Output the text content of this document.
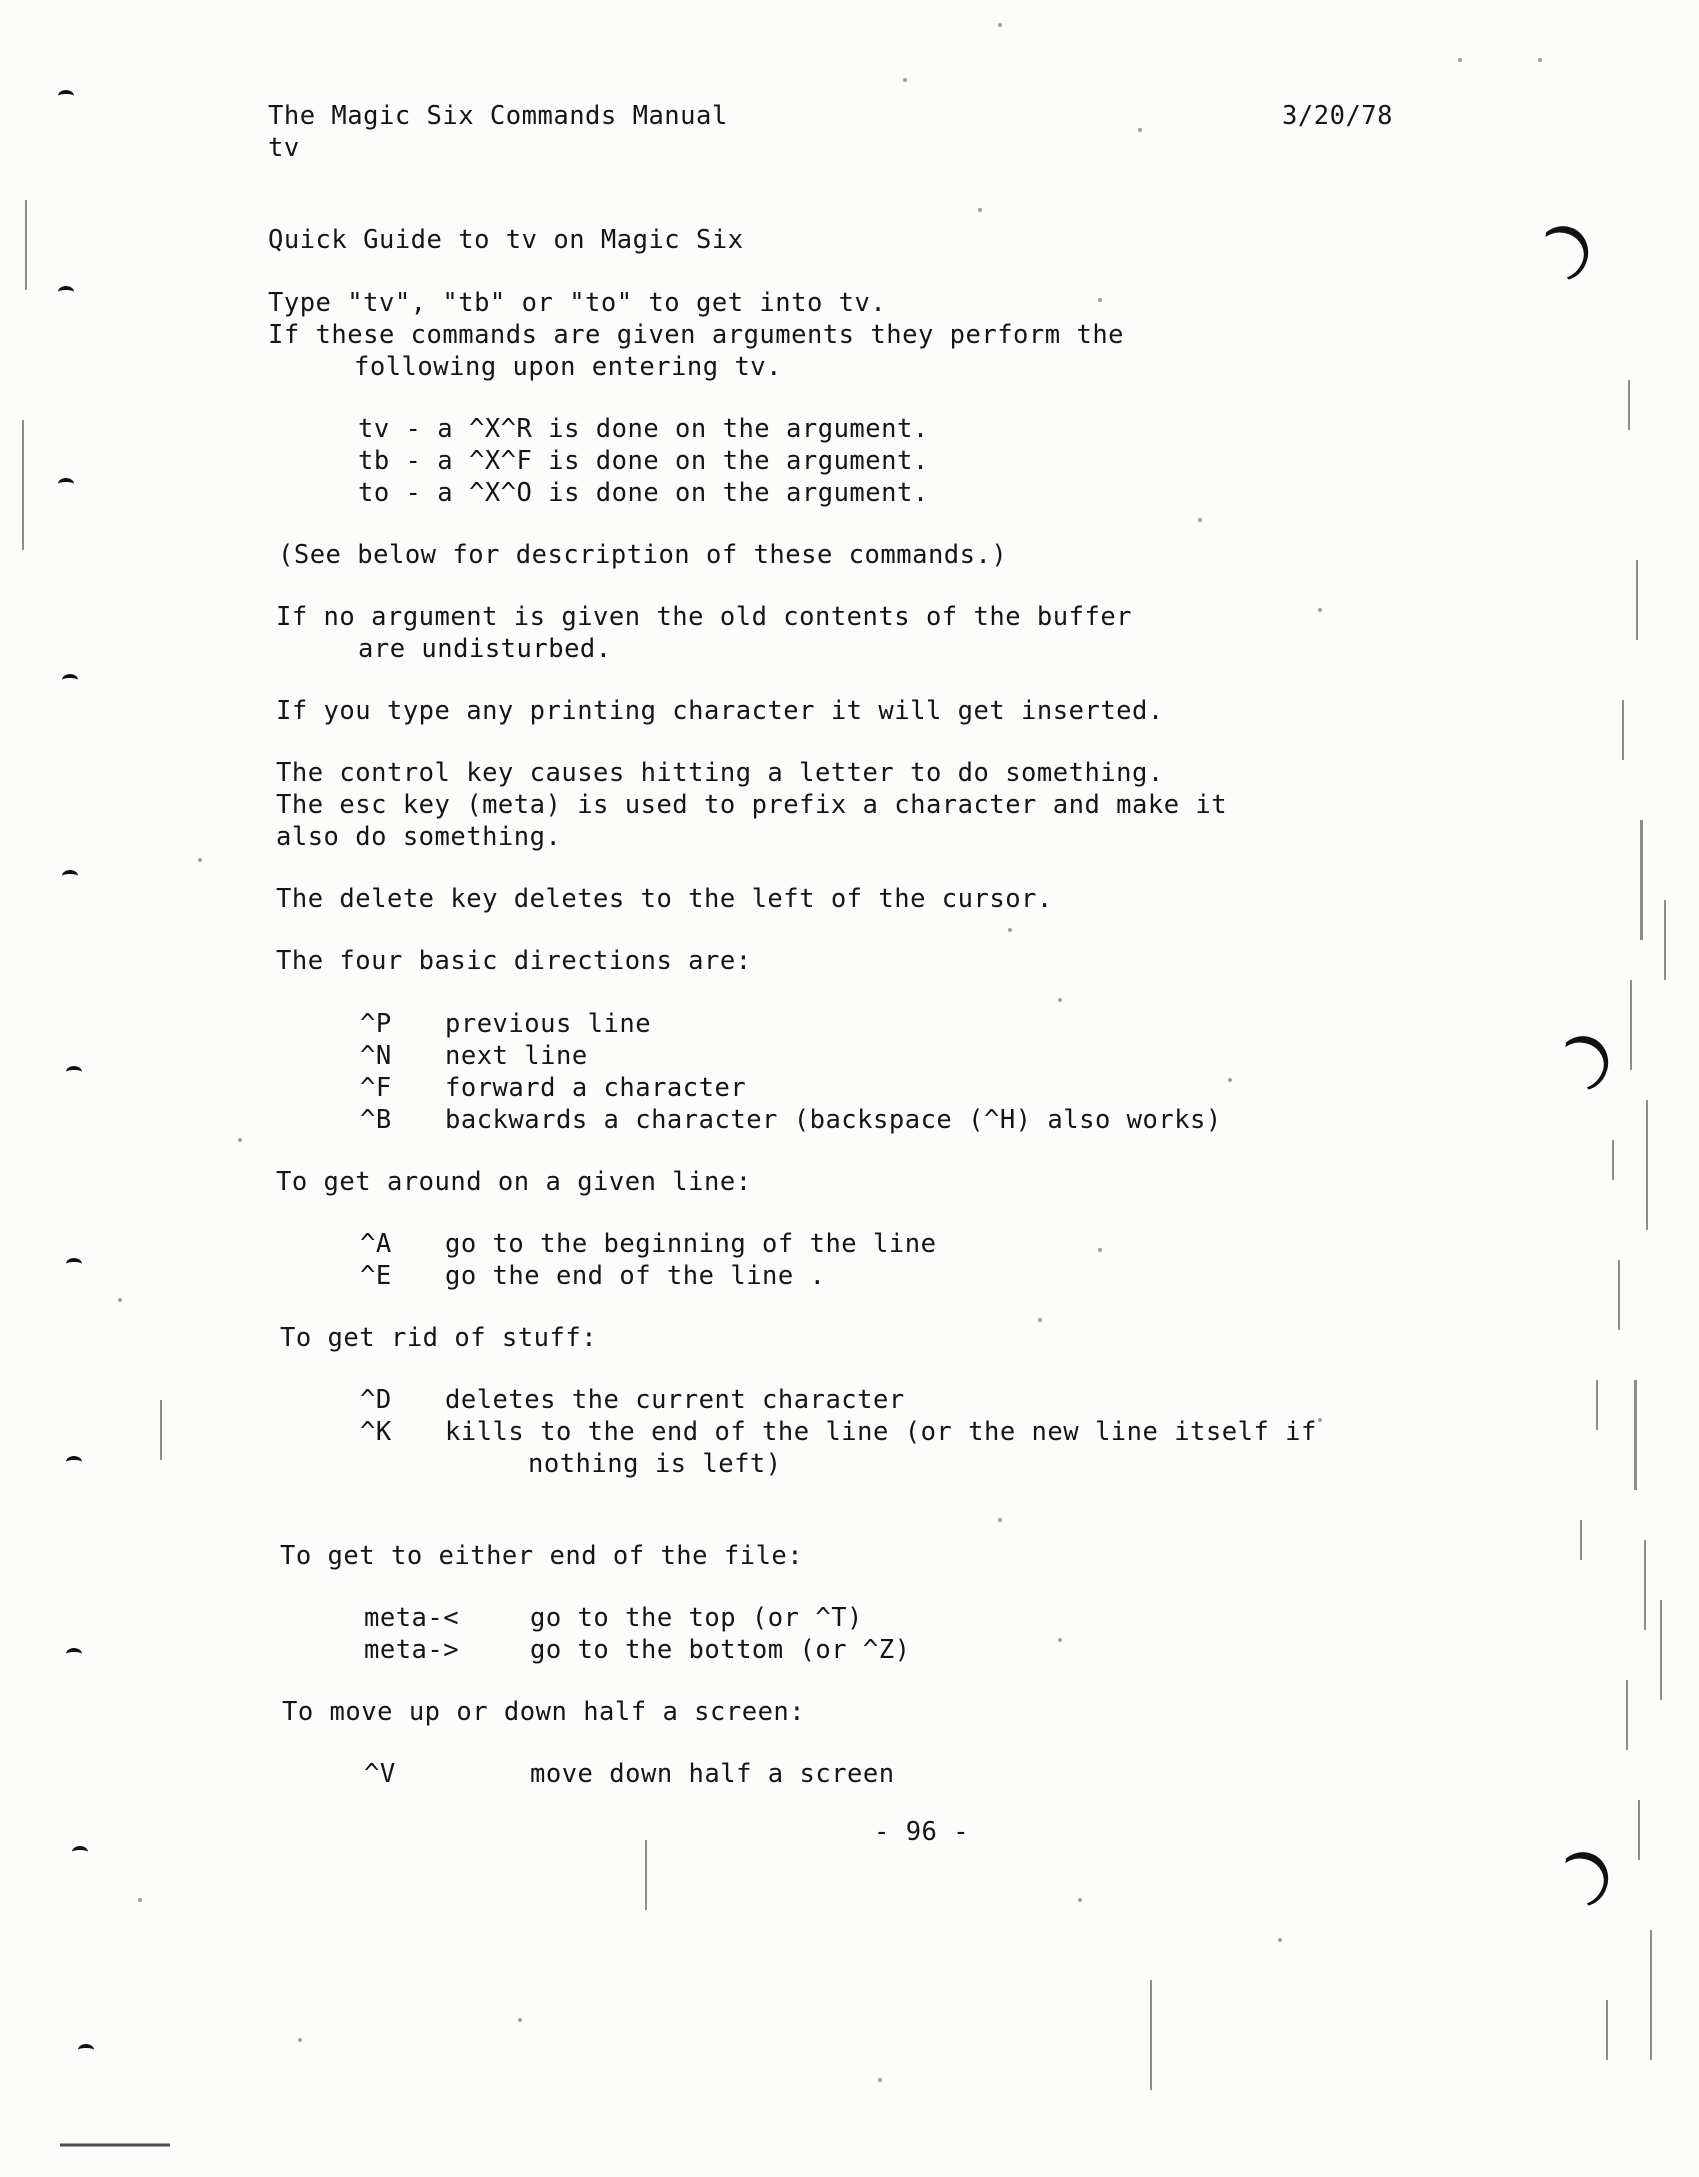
The Magic Six Commands Manual	3/20/78
tv
Quick Guide to tv on Magic Six
Type "tv", "tb" or "to" to get into tv.
If these commands are given arguments they perform the
following upon entering tv.
tv - a ^X^R is done on the argument.
tb - a ^X^F is done on the argument.
to - a ^X^O is done on the argument.
(See below for description of these commands.)
If no argument is given the old contents of the buffer
are undisturbed.
If you type any printing character it will get inserted.
The control key causes hitting a letter to do something.
The esc key (meta) is used to prefix a character and make it
also do something.
The delete key deletes to the left of the cursor.
The four basic directions are:
^P previous line
^N next line
^F forward a character
^B backwards a character (backspace (^H) also works)
To get around on a given line:
^A go to the beginning of the line
^E go the end of the line .
To get rid of stuff:
^D deletes the current character
^K kills to the end of the line (or the new line itself if
nothing is left)
To get to either end of the file:
meta-<	go to the top (or ^T)
meta->	go to the bottom (or ^Z)
To move up or down half a screen:
^V	move down half a screen
- 96 -
